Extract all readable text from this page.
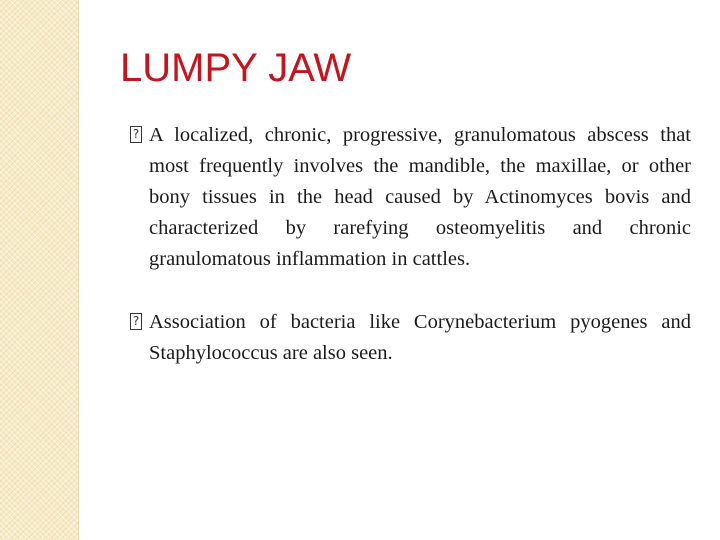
LUMPY JAW
? A localized, chronic, progressive, granulomatous abscess that most frequently involves the mandible, the maxillae, or other bony tissues in the head caused by Actinomyces bovis and characterized by rarefying osteomyelitis and chronic granulomatous inflammation in cattles.
? Association of bacteria like Corynebacterium pyogenes and Staphylococcus are also seen.
